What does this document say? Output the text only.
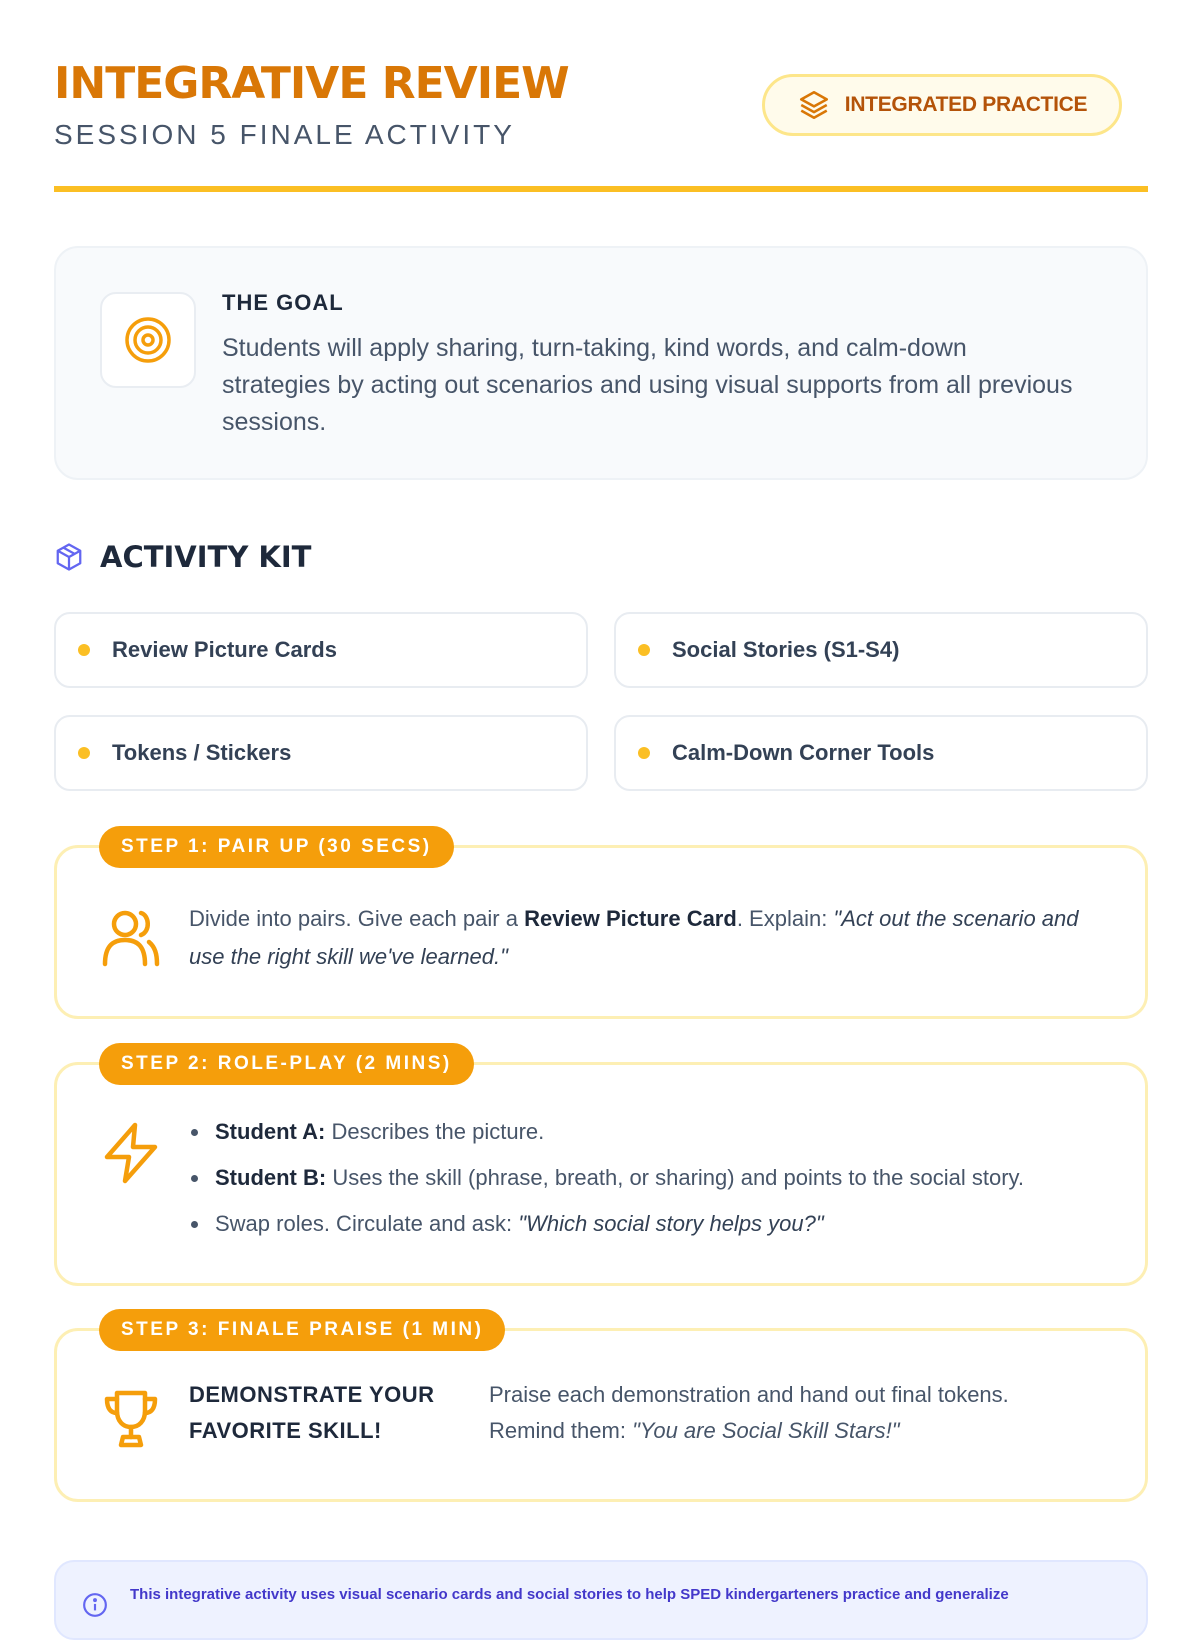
INTEGRATIVE REVIEW
SESSION 5 FINALE ACTIVITY
INTEGRATED PRACTICE
THE GOAL
Students will apply sharing, turn-taking, kind words, and calm-down strategies by acting out scenarios and using visual supports from all previous sessions.
ACTIVITY KIT
Review Picture Cards	Social Stories (S1-S4)
Tokens / Stickers	Calm-Down Corner Tools
STEP 1: PAIR UP (30 SECS)
Divide into pairs. Give each pair a Review Picture Card. Explain: "Act out the scenario and use the right skill we've learned."
STEP 2: ROLE-PLAY (2 MINS)
Student A: Describes the picture.
Student B: Uses the skill (phrase, breath, or sharing) and points to the social story.
Swap roles. Circulate and ask: "Which social story helps you?"
STEP 3: FINALE PRAISE (1 MIN)
DEMONSTRATE YOUR FAVORITE SKILL!
Praise each demonstration and hand out final tokens. Remind them: "You are Social Skill Stars!"
This integrative activity uses visual scenario cards and social stories to help SPED kindergarteners practice and generalize
